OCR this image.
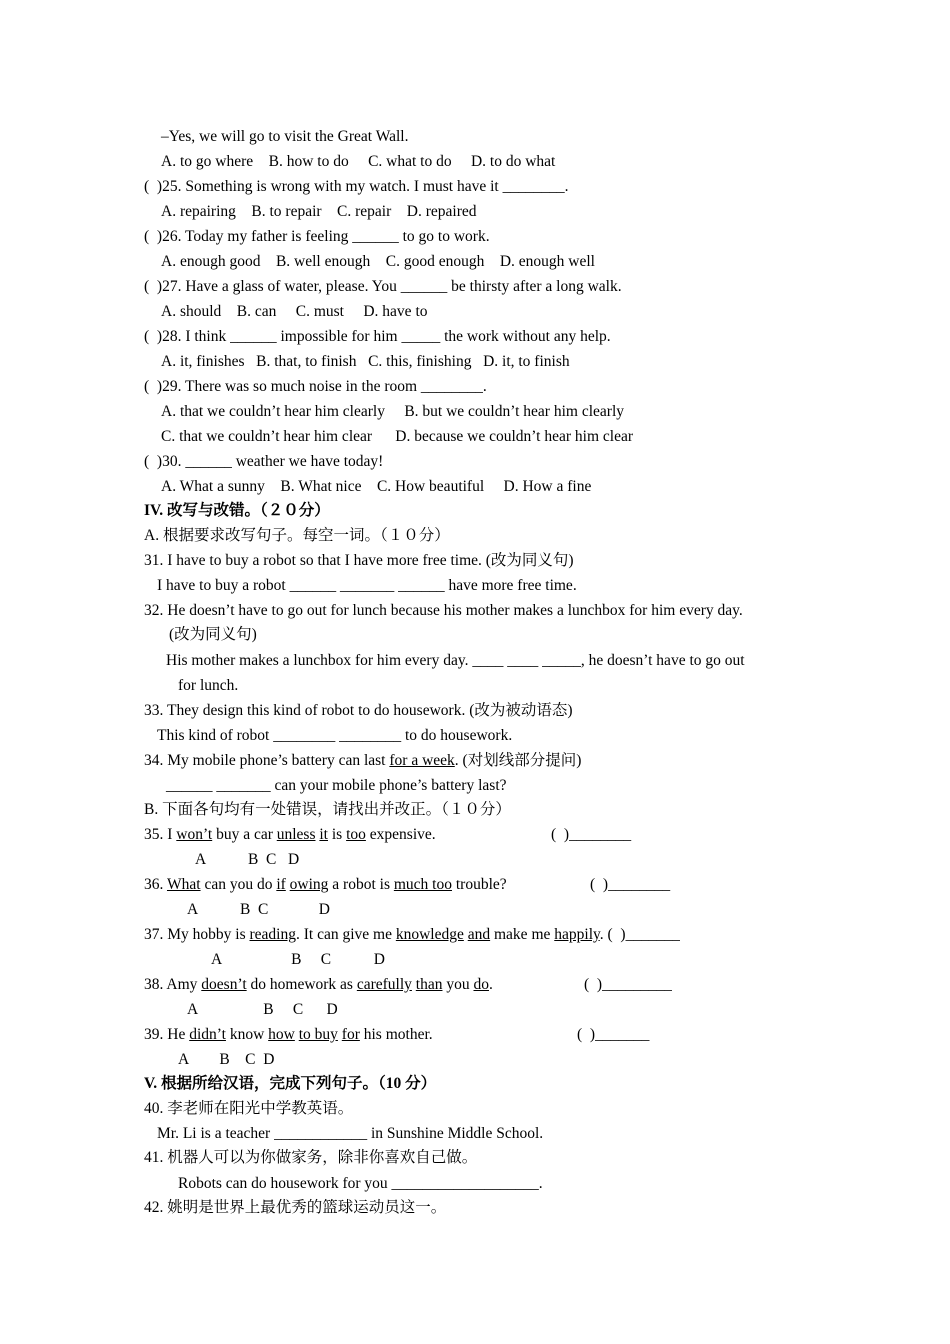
–Yes, we will go to visit the Great Wall.
A. to go where    B. how to do     C. what to do     D. to do what
(  )25. Something is wrong with my watch. I must have it ________.
A. repairing    B. to repair    C. repair    D. repaired
(  )26. Today my father is feeling ______ to go to work.
A. enough good    B. well enough    C. good enough    D. enough well
(  )27. Have a glass of water, please. You ______ be thirsty after a long walk.
A. should    B. can     C. must     D. have to
(  )28. I think ______ impossible for him _____ the work without any help.
A. it, finishes   B. that, to finish   C. this, finishing   D. it, to finish
(  )29. There was so much noise in the room ________.
A. that we couldn’t hear him clearly     B. but we couldn’t hear him clearly
C. that we couldn’t hear him clear      D. because we couldn’t hear him clear
(  )30. ______ weather we have today!
A. What a sunny    B. What nice    C. How beautiful     D. How a fine
IV. 改写与改错。（２０分）
A. 根据要求改写句子。每空一词。（１０分）
31. I have to buy a robot so that I have more free time. (改为同义句)
I have to buy a robot ______ _______ ______ have more free time.
32. He doesn’t have to go out for lunch because his mother makes a lunchbox for him every day.
(改为同义句)
His mother makes a lunchbox for him every day. ____ ____ _____, he doesn’t have to go out
for lunch.
33. They design this kind of robot to do housework. (改为被动语态)
This kind of robot ________ ________ to do housework.
34. My mobile phone’s battery can last for a week. (对划线部分提问)
______ _______ can your mobile phone’s battery last?
B. 下面各句均有一处错误，请找出并改正。（１０分）
35. I won’t buy a car unless it is too expensive.	(  )________
A           B  C   D
36. What can you do if owing a robot is much too trouble?	(  )________
A           B  C             D
37. My hobby is reading. It can give me knowledge and make me happily. (  )_______
A                  B     C           D
38. Amy doesn’t do homework as carefully than you do.	(  )_________
A                 B     C      D
39. He didn’t know how to buy for his mother.	(  )_______
A        B    C  D
V. 根据所给汉语，完成下列句子。（10 分）
40. 李老师在阳光中学教英语。
Mr. Li is a teacher ____________ in Sunshine Middle School.
41. 机器人可以为你做家务，除非你喜欢自己做。
Robots can do housework for you ___________________.
42. 姚明是世界上最优秀的篮球运动员这一。
